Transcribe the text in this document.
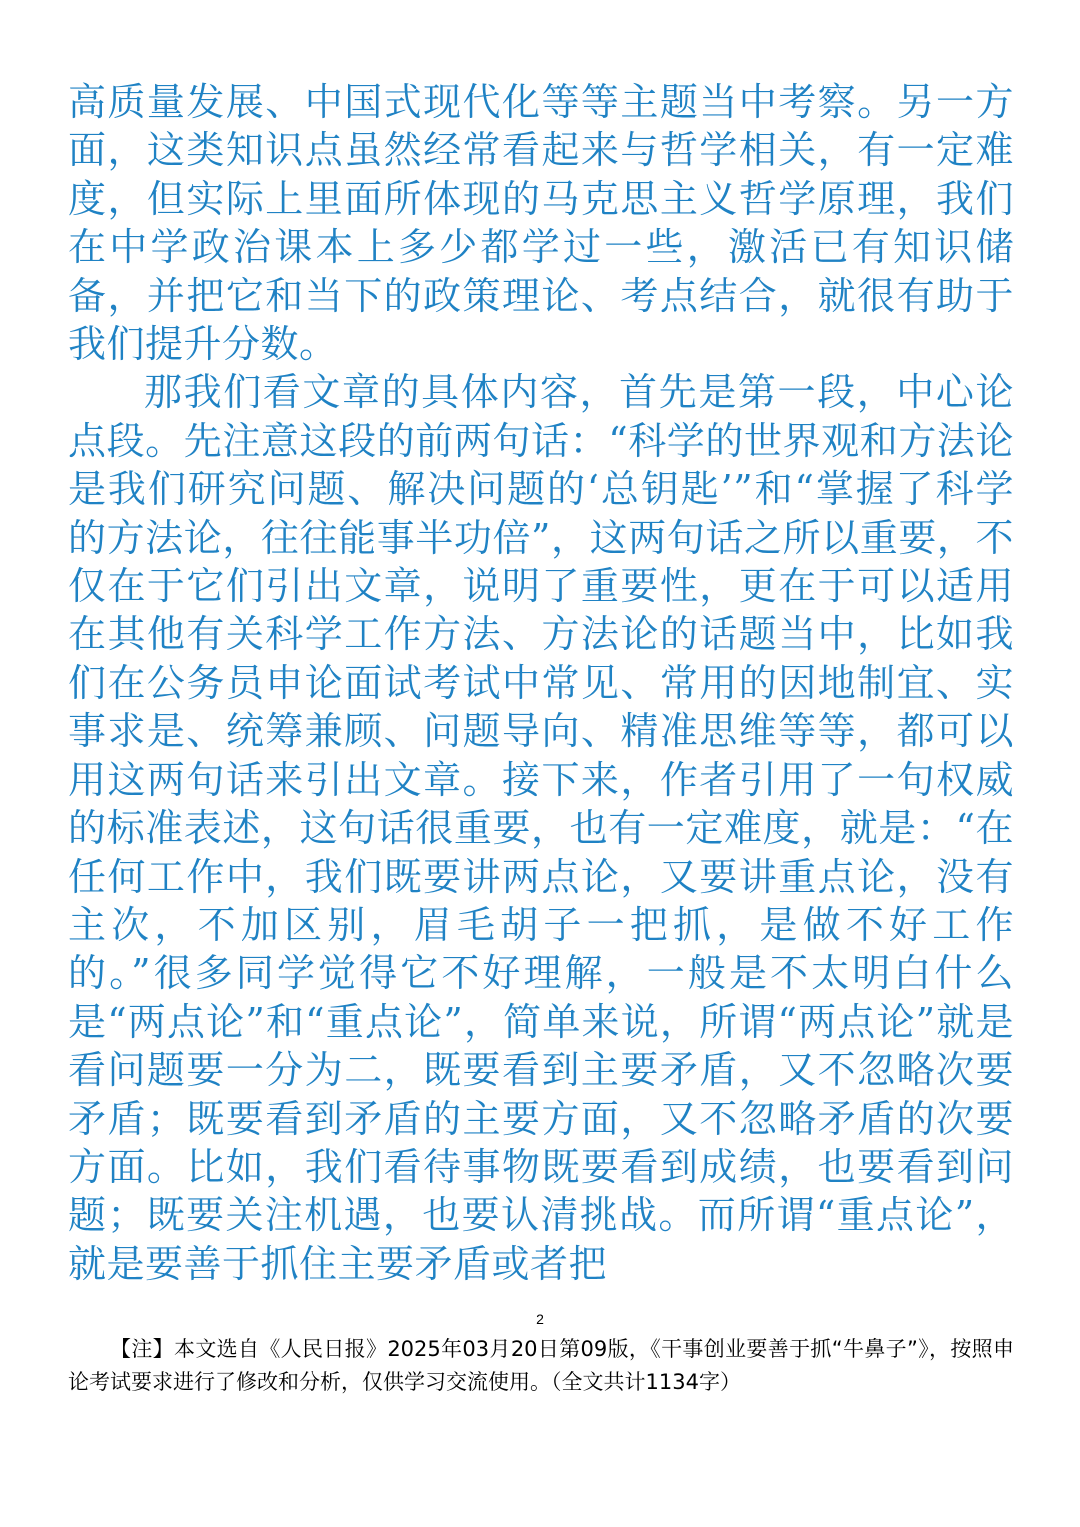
高质量发展、中国式现代化等等主题当中考察。另一方面，这类知识点虽然经常看起来与哲学相关，有一定难度，但实际上里面所体现的马克思主义哲学原理，我们在中学政治课本上多少都学过一些，激活已有知识储备，并把它和当下的政策理论、考点结合，就很有助于我们提升分数。

那我们看文章的具体内容，首先是第一段，中心论点段。先注意这段的前两句话：“科学的世界观和方法论是我们研究问题、解决问题的‘总钥匙’”和“掌握了科学的方法论，往往能事半功倍”，这两句话之所以重要，不仅在于它们引出文章，说明了重要性，更在于可以适用在其他有关科学工作方法、方法论的话题当中，比如我们在公务员申论面试考试中常见、常用的因地制宜、实事求是、统筹兼顾、问题导向、精准思维等等，都可以用这两句话来引出文章。接下来，作者引用了一句权威的标准表述，这句话很重要，也有一定难度，就是：“在任何工作中，我们既要讲两点论，又要讲重点论，没有主次，不加区别，眉毛胡子一把抓，是做不好工作的。”很多同学觉得它不好理解，一般是不太明白什么是“两点论”和“重点论”，简单来说，所谓“两点论”就是看问题要一分为二，既要看到主要矛盾，又不忽略次要矛盾；既要看到矛盾的主要方面，又不忽略矛盾的次要方面。比如，我们看待事物既要看到成绩，也要看到问题；既要关注机遇，也要认清挑战。而所谓“重点论”，就是要善于抓住主要矛盾或者把

2

【注】本文选自《人民日报》2025年03月20日第09版，《干事创业要善于抓“牛鼻子”》，按照申论考试要求进行了修改和分析，仅供学习交流使用。（全文共计1134字）
